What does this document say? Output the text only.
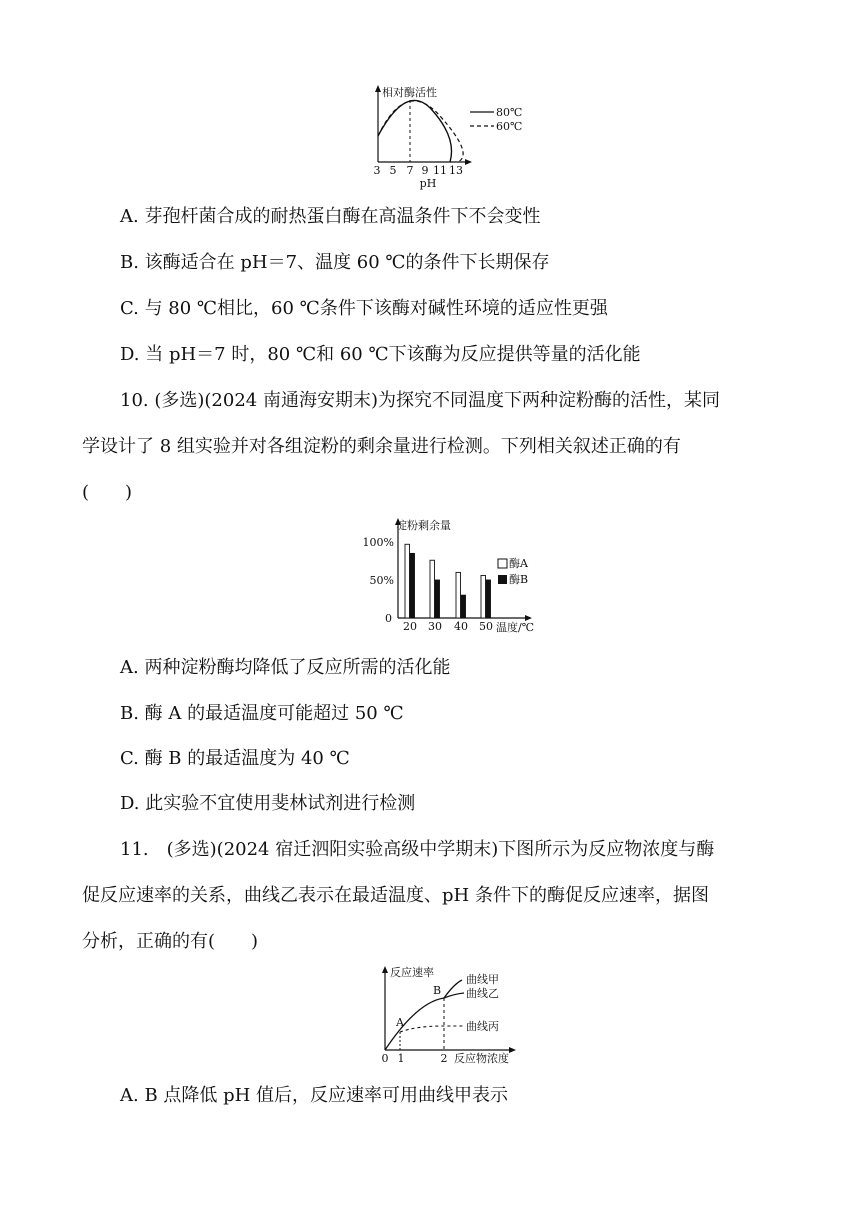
相对酶活性
80℃
60℃
3 5 7 9 11 13
pH
A. 芽孢杆菌合成的耐热蛋白酶在高温条件下不会变性
B. 该酶适合在 pH＝7、温度 60 ℃的条件下长期保存
C. 与 80 ℃相比，60 ℃条件下该酶对碱性环境的适应性更强
D. 当 pH＝7 时，80 ℃和 60 ℃下该酶为反应提供等量的活化能
10. (多选)(2024 南通海安期末)为探究不同温度下两种淀粉酶的活性，某同
学设计了 8 组实验并对各组淀粉的剩余量进行检测。下列相关叙述正确的有
(　　)
淀粉剩余量
100%
50%
0
20 30 40 50 温度/℃
酶A
酶B
A. 两种淀粉酶均降低了反应所需的活化能
B. 酶 A 的最适温度可能超过 50 ℃
C. 酶 B 的最适温度为 40 ℃
D. 此实验不宜使用斐林试剂进行检测
11.　(多选)(2024 宿迁泗阳实验高级中学期末)下图所示为反应物浓度与酶
促反应速率的关系，曲线乙表示在最适温度、pH 条件下的酶促反应速率，据图
分析，正确的有(　　)
反应速率
A
B
曲线甲
曲线乙
曲线丙
0 1	2 反应物浓度
A. B 点降低 pH 值后，反应速率可用曲线甲表示
